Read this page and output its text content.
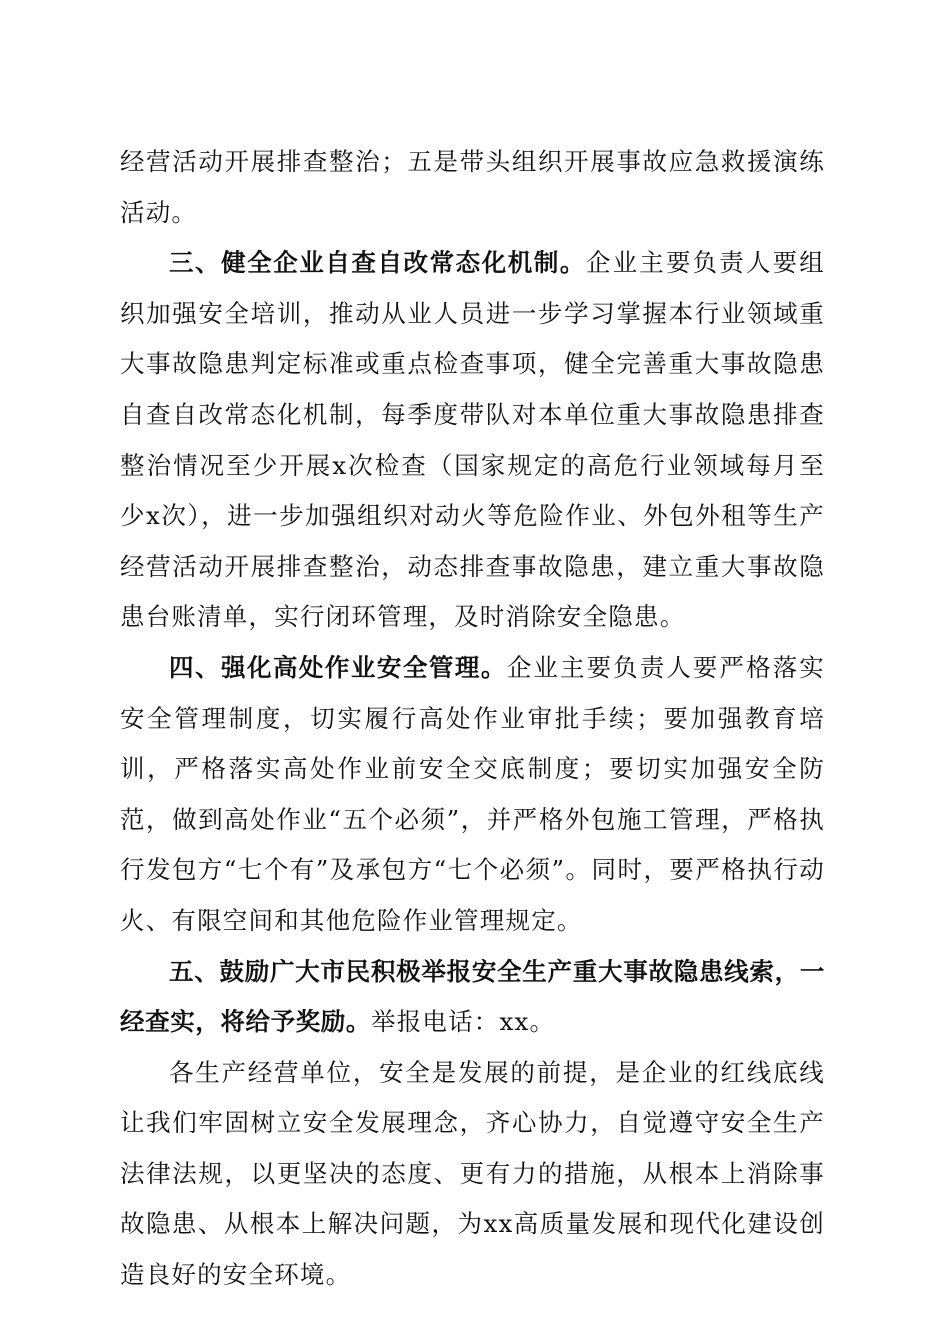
经营活动开展排查整治；五是带头组织开展事故应急救援演练活动。

三、健全企业自查自改常态化机制。企业主要负责人要组织加强安全培训，推动从业人员进一步学习掌握本行业领域重大事故隐患判定标准或重点检查事项，健全完善重大事故隐患自查自改常态化机制，每季度带队对本单位重大事故隐患排查整治情况至少开展x次检查（国家规定的高危行业领域每月至少x次），进一步加强组织对动火等危险作业、外包外租等生产经营活动开展排查整治，动态排查事故隐患，建立重大事故隐患台账清单，实行闭环管理，及时消除安全隐患。

四、强化高处作业安全管理。企业主要负责人要严格落实安全管理制度，切实履行高处作业审批手续；要加强教育培训，严格落实高处作业前安全交底制度；要切实加强安全防范，做到高处作业“五个必须”，并严格外包施工管理，严格执行发包方“七个有”及承包方“七个必须”。同时，要严格执行动火、有限空间和其他危险作业管理规定。

五、鼓励广大市民积极举报安全生产重大事故隐患线索，一经查实，将给予奖励。举报电话：xx。

各生产经营单位，安全是发展的前提，是企业的红线底线让我们牢固树立安全发展理念，齐心协力，自觉遵守安全生产法律法规，以更坚决的态度、更有力的措施，从根本上消除事故隐患、从根本上解决问题，为xx高质量发展和现代化建设创造良好的安全环境。
